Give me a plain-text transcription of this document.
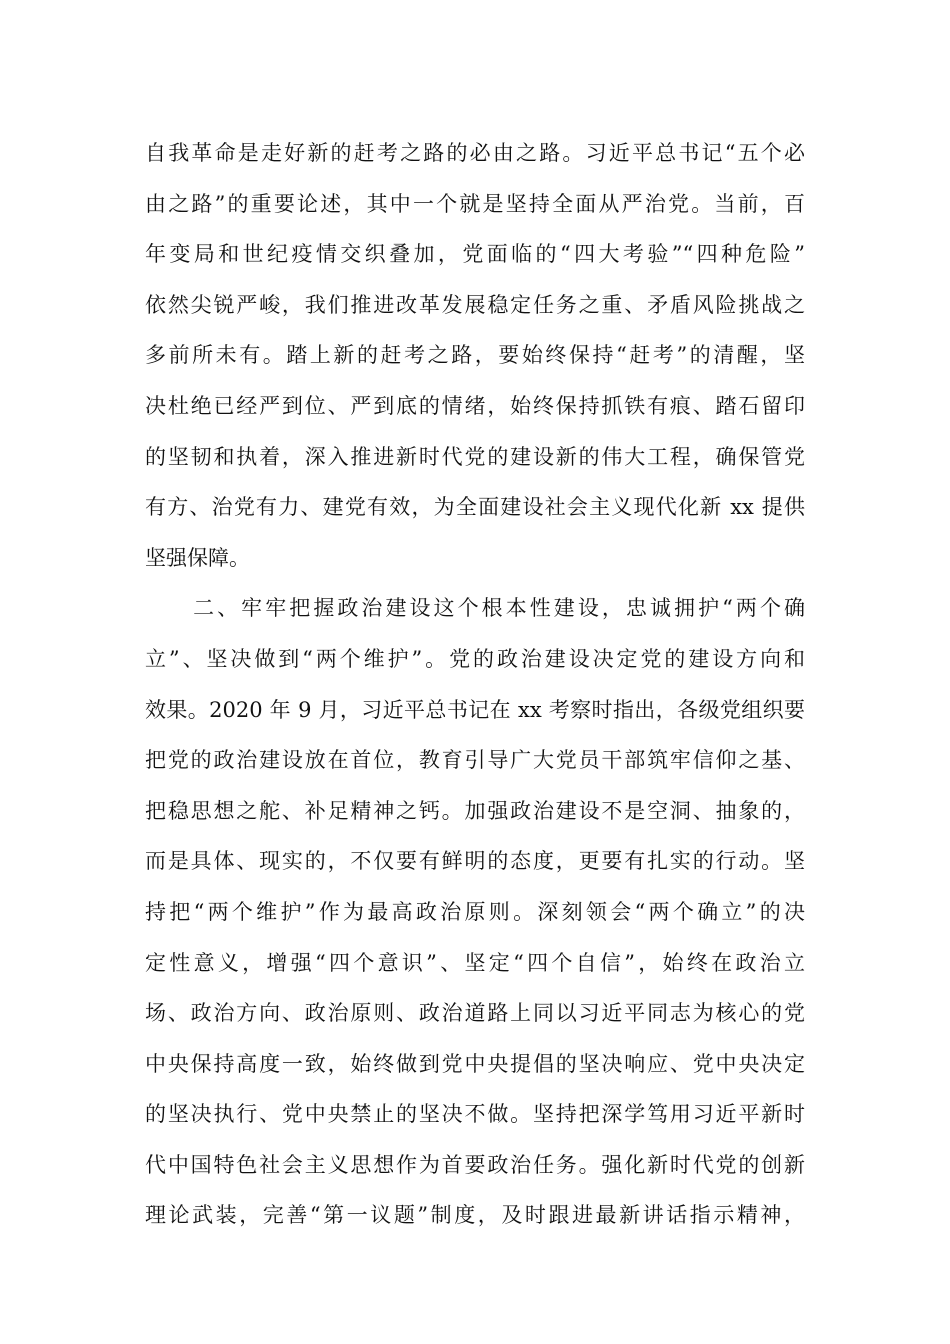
自我革命是走好新的赶考之路的必由之路。习近平总书记“五个必
由之路”的重要论述，其中一个就是坚持全面从严治党。当前，百
年变局和世纪疫情交织叠加，党面临的“四大考验”“四种危险”
依然尖锐严峻，我们推进改革发展稳定任务之重、矛盾风险挑战之
多前所未有。踏上新的赶考之路，要始终保持“赶考”的清醒，坚
决杜绝已经严到位、严到底的情绪，始终保持抓铁有痕、踏石留印
的坚韧和执着，深入推进新时代党的建设新的伟大工程，确保管党
有方、治党有力、建党有效，为全面建设社会主义现代化新 xx 提供
坚强保障。
　　二、牢牢把握政治建设这个根本性建设，忠诚拥护“两个确
立”、坚决做到“两个维护”。党的政治建设决定党的建设方向和
效果。2020 年 9 月，习近平总书记在 xx 考察时指出，各级党组织要
把党的政治建设放在首位，教育引导广大党员干部筑牢信仰之基、
把稳思想之舵、补足精神之钙。加强政治建设不是空洞、抽象的，
而是具体、现实的，不仅要有鲜明的态度，更要有扎实的行动。坚
持把“两个维护”作为最高政治原则。深刻领会“两个确立”的决
定性意义，增强“四个意识”、坚定“四个自信”，始终在政治立
场、政治方向、政治原则、政治道路上同以习近平同志为核心的党
中央保持高度一致，始终做到党中央提倡的坚决响应、党中央决定
的坚决执行、党中央禁止的坚决不做。坚持把深学笃用习近平新时
代中国特色社会主义思想作为首要政治任务。强化新时代党的创新
理论武装，完善“第一议题”制度，及时跟进最新讲话指示精神，
